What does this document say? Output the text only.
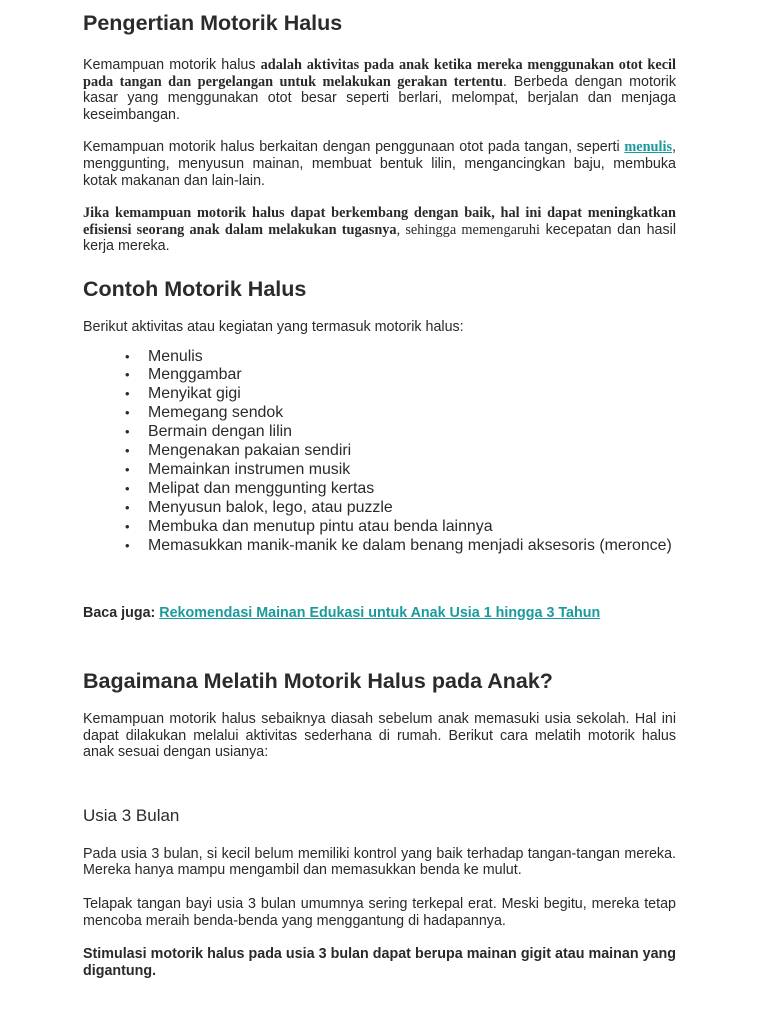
Pengertian Motorik Halus

Kemampuan motorik halus adalah aktivitas pada anak ketika mereka menggunakan otot kecil pada tangan dan pergelangan untuk melakukan gerakan tertentu. Berbeda dengan motorik kasar yang menggunakan otot besar seperti berlari, melompat, berjalan dan menjaga keseimbangan.

Kemampuan motorik halus berkaitan dengan penggunaan otot pada tangan, seperti menulis, menggunting, menyusun mainan, membuat bentuk lilin, mengancingkan baju, membuka kotak makanan dan lain-lain.

Jika kemampuan motorik halus dapat berkembang dengan baik, hal ini dapat meningkatkan efisiensi seorang anak dalam melakukan tugasnya, sehingga memengaruhi kecepatan dan hasil kerja mereka.

Contoh Motorik Halus

Berikut aktivitas atau kegiatan yang termasuk motorik halus:

• Menulis
• Menggambar
• Menyikat gigi
• Memegang sendok
• Bermain dengan lilin
• Mengenakan pakaian sendiri
• Memainkan instrumen musik
• Melipat dan menggunting kertas
• Menyusun balok, lego, atau puzzle
• Membuka dan menutup pintu atau benda lainnya
• Memasukkan manik-manik ke dalam benang menjadi aksesoris (meronce)

Baca juga: Rekomendasi Mainan Edukasi untuk Anak Usia 1 hingga 3 Tahun

Bagaimana Melatih Motorik Halus pada Anak?

Kemampuan motorik halus sebaiknya diasah sebelum anak memasuki usia sekolah. Hal ini dapat dilakukan melalui aktivitas sederhana di rumah. Berikut cara melatih motorik halus anak sesuai dengan usianya:

Usia 3 Bulan

Pada usia 3 bulan, si kecil belum memiliki kontrol yang baik terhadap tangan-tangan mereka. Mereka hanya mampu mengambil dan memasukkan benda ke mulut.

Telapak tangan bayi usia 3 bulan umumnya sering terkepal erat. Meski begitu, mereka tetap mencoba meraih benda-benda yang menggantung di hadapannya.

Stimulasi motorik halus pada usia 3 bulan dapat berupa mainan gigit atau mainan yang digantung.
